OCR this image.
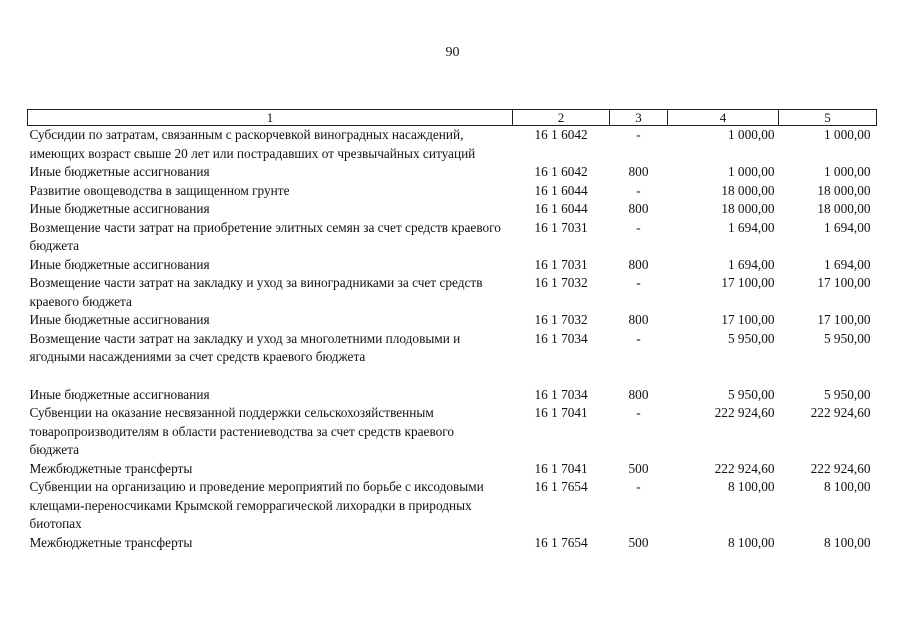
90
1	2	3	4	5
Субсидии по затратам, связанным с раскорчевкой виноградных насаждений, имеющих возраст свыше 20 лет или пострадавших от чрезвычайных ситуаций	16 1 6042	-	1 000,00	1 000,00
Иные бюджетные ассигнования	16 1 6042	800	1 000,00	1 000,00
Развитие овощеводства в защищенном грунте	16 1 6044	-	18 000,00	18 000,00
Иные бюджетные ассигнования	16 1 6044	800	18 000,00	18 000,00
Возмещение части затрат на приобретение элитных семян за счет средств краевого бюджета	16 1 7031	-	1 694,00	1 694,00
Иные бюджетные ассигнования	16 1 7031	800	1 694,00	1 694,00
Возмещение части затрат на закладку и уход за виноградниками за счет средств краевого бюджета	16 1 7032	-	17 100,00	17 100,00
Иные бюджетные ассигнования	16 1 7032	800	17 100,00	17 100,00
Возмещение части затрат на закладку и уход за многолетними плодовыми и ягодными насаждениями за счет средств краевого бюджета	16 1 7034	-	5 950,00	5 950,00
Иные бюджетные ассигнования	16 1 7034	800	5 950,00	5 950,00
Субвенции на оказание несвязанной поддержки сельскохозяйственным товаропроизводителям в области растениеводства за счет средств краевого бюджета	16 1 7041	-	222 924,60	222 924,60
Межбюджетные трансферты	16 1 7041	500	222 924,60	222 924,60
Субвенции на организацию и проведение мероприятий по борьбе с иксодовыми клещами-переносчиками Крымской геморрагической лихорадки в природных биотопах	16 1 7654	-	8 100,00	8 100,00
Межбюджетные трансферты	16 1 7654	500	8 100,00	8 100,00
